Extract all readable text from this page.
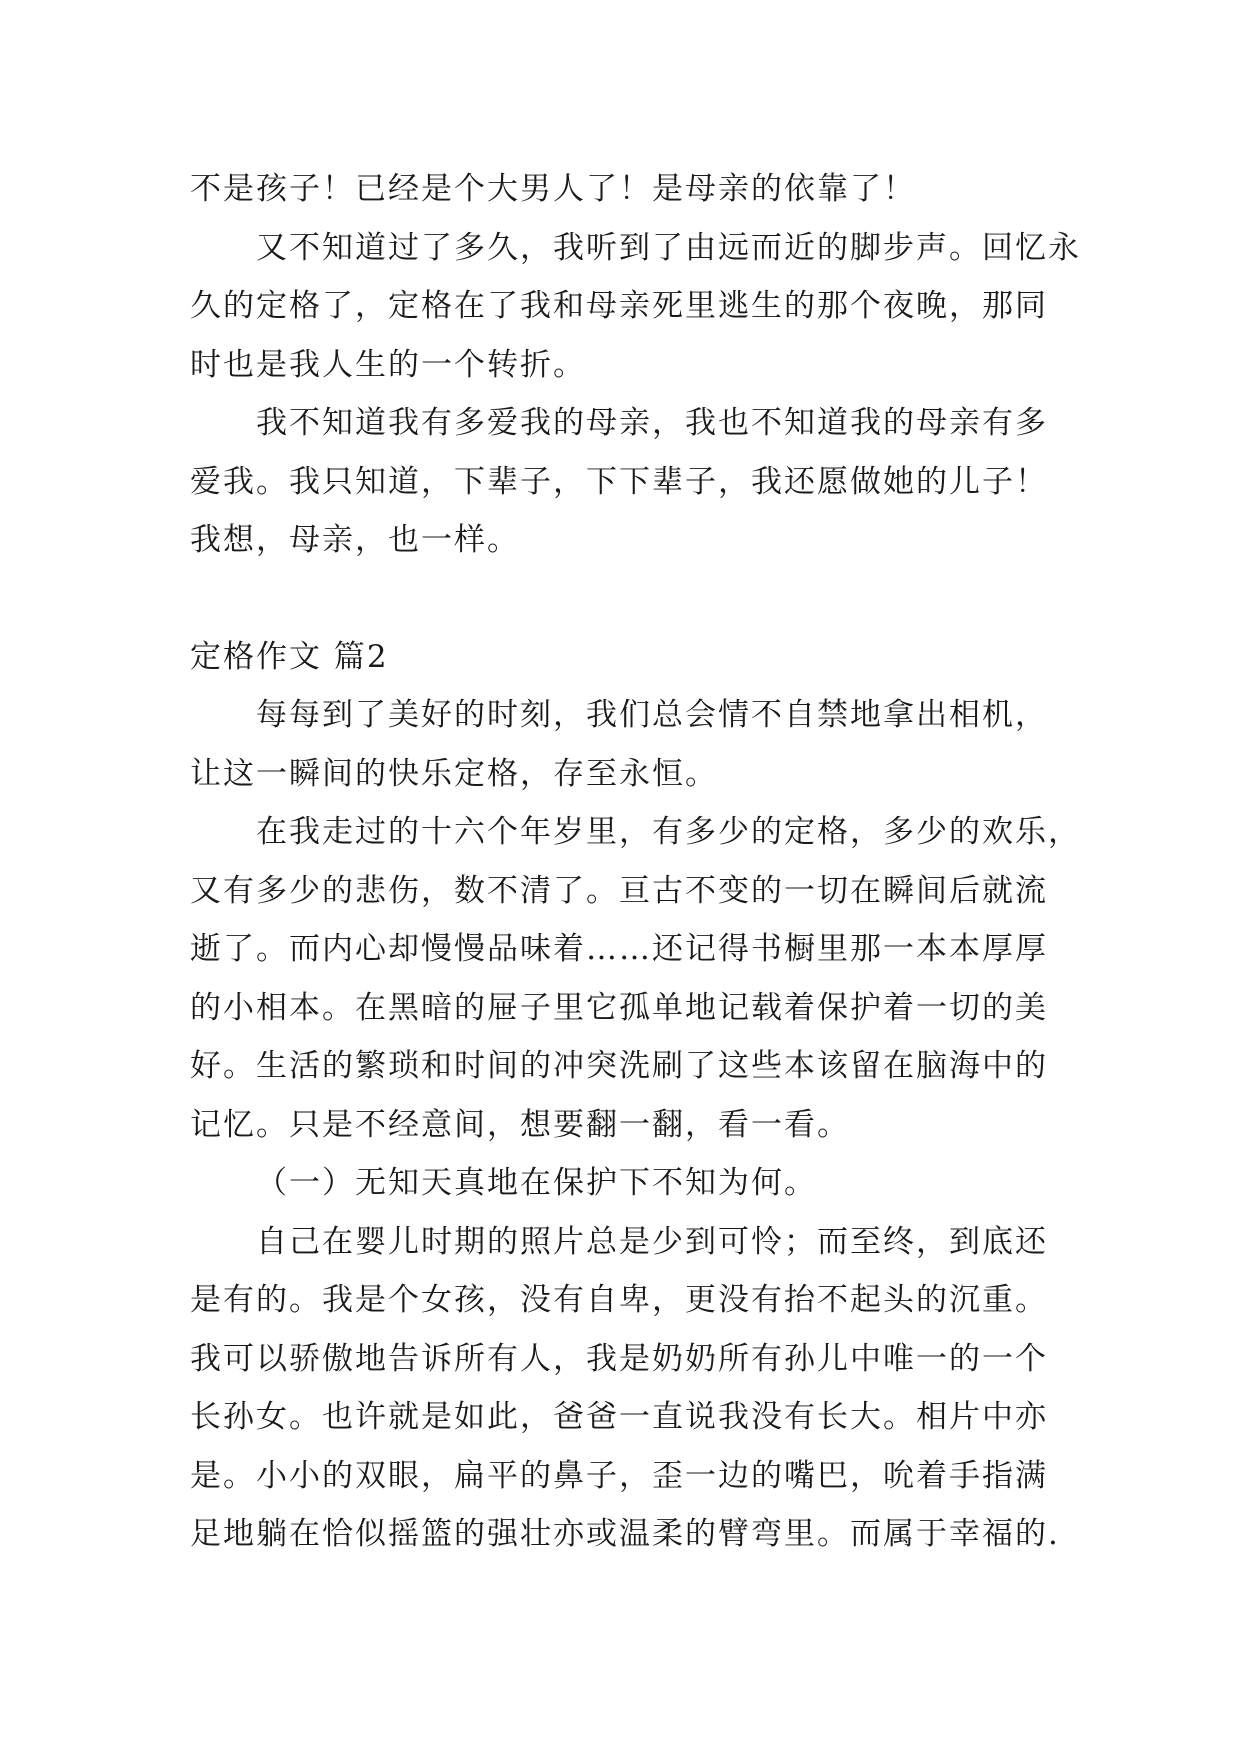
不是孩子！已经是个大男人了！是母亲的依靠了！
又不知道过了多久，我听到了由远而近的脚步声。回忆永
久的定格了，定格在了我和母亲死里逃生的那个夜晚，那同
时也是我人生的一个转折。
我不知道我有多爱我的母亲，我也不知道我的母亲有多
爱我。我只知道，下辈子，下下辈子，我还愿做她的儿子！
我想，母亲，也一样。
定格作文 篇2
每每到了美好的时刻，我们总会情不自禁地拿出相机，
让这一瞬间的快乐定格，存至永恒。
在我走过的十六个年岁里，有多少的定格，多少的欢乐，
又有多少的悲伤，数不清了。亘古不变的一切在瞬间后就流
逝了。而内心却慢慢品味着……还记得书橱里那一本本厚厚
的小相本。在黑暗的屉子里它孤单地记载着保护着一切的美
好。生活的繁琐和时间的冲突洗刷了这些本该留在脑海中的
记忆。只是不经意间，想要翻一翻，看一看。
（一）无知天真地在保护下不知为何。
自己在婴儿时期的照片总是少到可怜；而至终，到底还
是有的。我是个女孩，没有自卑，更没有抬不起头的沉重。
我可以骄傲地告诉所有人，我是奶奶所有孙儿中唯一的一个
长孙女。也许就是如此，爸爸一直说我没有长大。相片中亦
是。小小的双眼，扁平的鼻子，歪一边的嘴巴，吮着手指满
足地躺在恰似摇篮的强壮亦或温柔的臂弯里。而属于幸福的.
